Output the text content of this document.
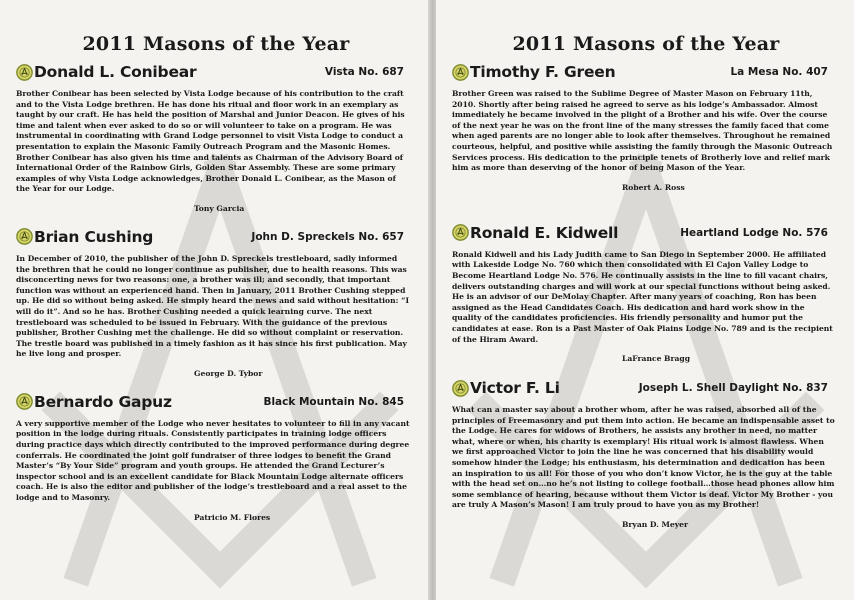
2011 Masons of the Year
Donald L. Conibear	Vista No. 687
Brother Conibear has been selected by Vista Lodge because of his contribution to the craft and to the Vista Lodge brethren. He has done his ritual and floor work in an exemplary as taught by our craft. He has held the position of Marshal and Junior Deacon. He gives of his time and talent when ever asked to do so or will volunteer to take on a program. He was instrumental in coordinating with Grand Lodge personnel to visit Vista Lodge to conduct a presentation to explain the Masonic Family Outreach Program and the Masonic Homes. Brother Conibear has also given his time and talents as Chairman of the Advisory Board of International Order of the Rainbow Girls, Golden Star Assembly. These are some primary examples of why Vista Lodge acknowledges, Brother Donald L. Conibear, as the Mason of the Year for our Lodge.
Tony Garcia
Brian Cushing	John D. Spreckels No. 657
In December of 2010, the publisher of the John D. Spreckels trestleboard, sadly informed the brethren that he could no longer continue as publisher, due to health reasons. This was disconcerting news for two reasons: one, a brother was ill; and secondly, that important function was without an experienced hand. Then in January, 2011 Brother Cushing stepped up. He did so without being asked. He simply heard the news and said without hesitation: “I will do it”. And so he has. Brother Cushing needed a quick learning curve. The next trestleboard was scheduled to be issued in February. With the guidance of the previous publisher, Brother Cushing met the challenge. He did so without complaint or reservation. The trestle board was published in a timely fashion as it has since his first publication. May he live long and prosper.
George D. Tybor
Bernardo Gapuz	Black Mountain No. 845
A very supportive member of the Lodge who never hesitates to volunteer to fill in any vacant position in the lodge during rituals. Consistently participates in training lodge officers during practice days which directly contributed to the improved performance during degree conferrals. He coordinated the joint golf fundraiser of three lodges to benefit the Grand Master’s “By Your Side” program and youth groups. He attended the Grand Lecturer’s inspector school and is an excellent candidate for Black Mountain Lodge alternate officers coach. He is also the editor and publisher of the lodge’s trestleboard and a real asset to the lodge and to Masonry.
Patricio M. Flores
2011 Masons of the Year
Timothy F. Green	La Mesa No. 407
Brother Green was raised to the Sublime Degree of Master Mason on February 11th, 2010. Shortly after being raised he agreed to serve as his lodge’s Ambassador. Almost immediately he became involved in the plight of a Brother and his wife. Over the course of the next year he was on the front line of the many stresses the family faced that come when aged parents are no longer able to look after themselves. Throughout he remained courteous, helpful, and positive while assisting the family through the Masonic Outreach Services process. His dedication to the principle tenets of Brotherly love and relief mark him as more than deserving of the honor of being Mason of the Year.
Robert A. Ross
Ronald E. Kidwell	Heartland Lodge No. 576
Ronald Kidwell and his Lady Judith came to San Diego in September 2000. He affiliated with Lakeside Lodge No. 760 which then consolidated with El Cajon Valley Lodge to Become Heartland Lodge No. 576. He continually assists in the line to fill vacant chairs, delivers outstanding charges and will work at our special functions without being asked. He is an advisor of our DeMolay Chapter. After many years of coaching, Ron has been assigned as the Head Candidates Coach. His dedication and hard work show in the quality of the candidates proficiencies. His friendly personality and humor put the candidates at ease. Ron is a Past Master of Oak Plains Lodge No. 789 and is the recipient of the Hiram Award.
LaFrance Bragg
Victor F. Li	Joseph L. Shell Daylight No. 837
What can a master say about a brother whom, after he was raised, absorbed all of the principles of Freemasonry and put them into action. He became an indispensable asset to the Lodge. He cares for widows of Brothers, he assists any brother in need, no matter what, where or when, his charity is exemplary! His ritual work is almost flawless. When we first approached Victor to join the line he was concerned that his disability would somehow hinder the Lodge; his enthusiasm, his determination and dedication has been an inspiration to us all! For those of you who don’t know Victor, he is the guy at the table with the head set on…no he’s not listing to college football…those head phones allow him some semblance of hearing, because without them Victor is deaf. Victor My Brother - you are truly A Mason’s Mason! I am truly proud to have you as my Brother!
Bryan D. Meyer
